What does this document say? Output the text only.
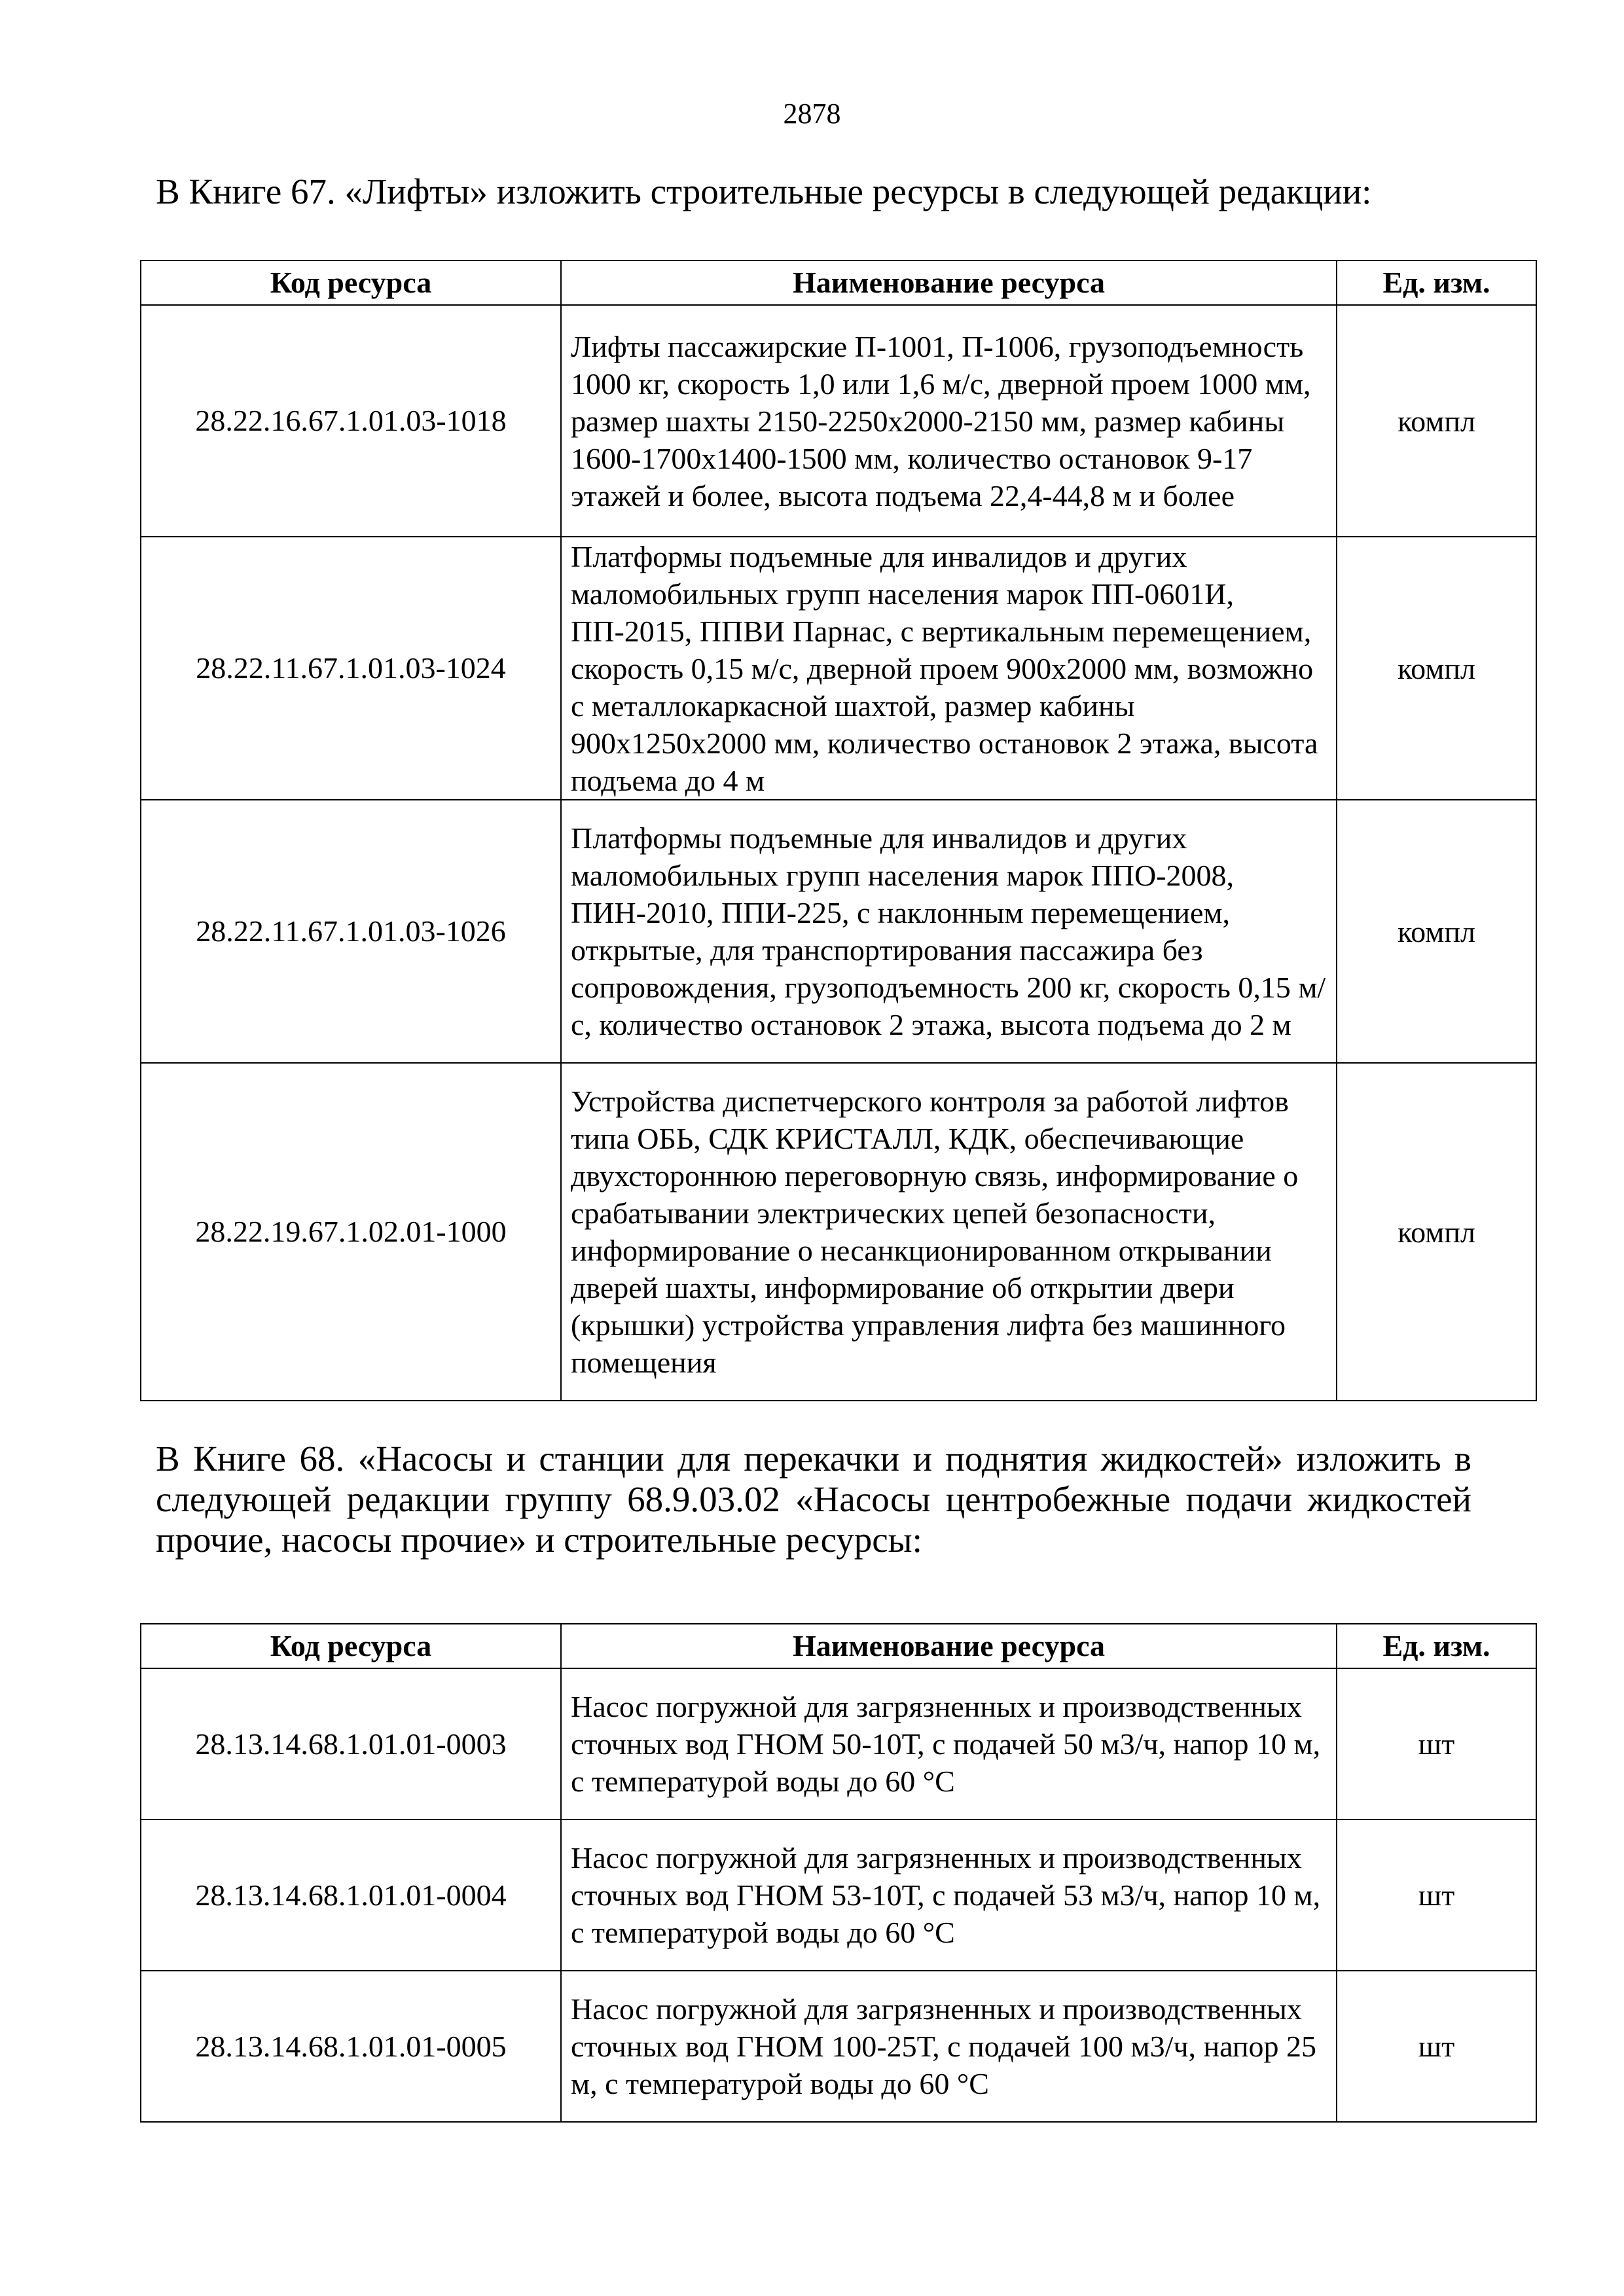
2878

В Книге 67. «Лифты» изложить строительные ресурсы в следующей редакции:

Код ресурса	Наименование ресурса	Ед. изм.
28.22.16.67.1.01.03-1018	Лифты пассажирские П-1001, П-1006, грузоподъемность 1000 кг, скорость 1,0 или 1,6 м/с, дверной проем 1000 мм, размер шахты 2150-2250х2000-2150 мм, размер кабины 1600-1700х1400-1500 мм, количество остановок 9-17 этажей и более, высота подъема 22,4-44,8 м и более	компл
28.22.11.67.1.01.03-1024	Платформы подъемные для инвалидов и других маломобильных групп населения марок ПП-0601И, ПП-2015, ППВИ Парнас, с вертикальным перемещением, скорость 0,15 м/с, дверной проем 900х2000 мм, возможно с металлокаркасной шахтой, размер кабины 900х1250х2000 мм, количество остановок 2 этажа, высота подъема до 4 м	компл
28.22.11.67.1.01.03-1026	Платформы подъемные для инвалидов и других маломобильных групп населения марок ППО-2008, ПИН-2010, ППИ-225, с наклонным перемещением, открытые, для транспортирования пассажира без сопровождения, грузоподъемность 200 кг, скорость 0,15 м/с, количество остановок 2 этажа, высота подъема до 2 м	компл
28.22.19.67.1.02.01-1000	Устройства диспетчерского контроля за работой лифтов типа ОБЬ, СДК КРИСТАЛЛ, КДК, обеспечивающие двухстороннюю переговорную связь, информирование о срабатывании электрических цепей безопасности, информирование о несанкционированном открывании дверей шахты, информирование об открытии двери (крышки) устройства управления лифта без машинного помещения	компл

В Книге 68. «Насосы и станции для перекачки и поднятия жидкостей» изложить в следующей редакции группу 68.9.03.02 «Насосы центробежные подачи жидкостей прочие, насосы прочие» и строительные ресурсы:

Код ресурса	Наименование ресурса	Ед. изм.
28.13.14.68.1.01.01-0003	Насос погружной для загрязненных и производственных сточных вод ГНОМ 50-10Т, с подачей 50 м3/ч, напор 10 м, с температурой воды до 60 °С	шт
28.13.14.68.1.01.01-0004	Насос погружной для загрязненных и производственных сточных вод ГНОМ 53-10Т, с подачей 53 м3/ч, напор 10 м, с температурой воды до 60 °С	шт
28.13.14.68.1.01.01-0005	Насос погружной для загрязненных и производственных сточных вод ГНОМ 100-25Т, с подачей 100 м3/ч, напор 25 м, с температурой воды до 60 °С	шт
